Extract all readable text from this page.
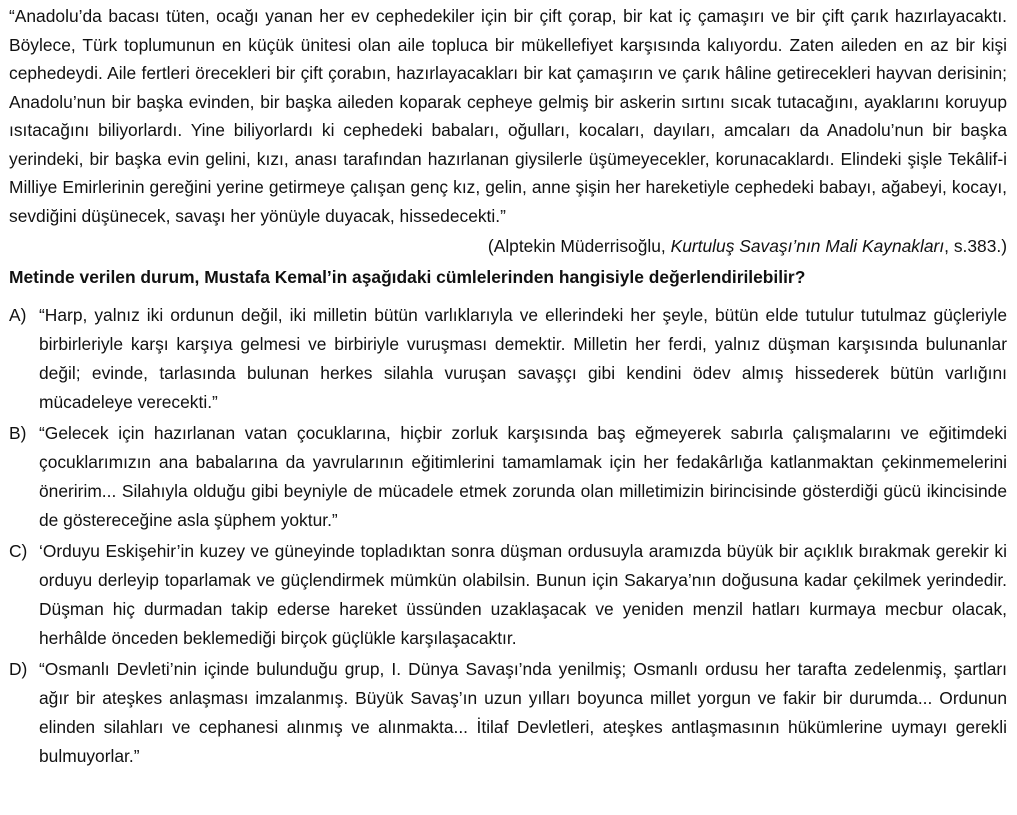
“Anadolu’da bacası tüten, ocağı yanan her ev cephedekiler için bir çift çorap, bir kat iç çamaşırı ve bir çift çarık hazırlayacaktı. Böylece, Türk toplumunun en küçük ünitesi olan aile topluca bir mükellefiyet karşısında kalıyordu. Zaten aileden en az bir kişi cephedeydi. Aile fertleri örecekleri bir çift çorabın, hazırlayacakları bir kat çamaşırın ve çarık hâline getirecekleri hayvan derisinin; Anadolu’nun bir başka evinden, bir başka aileden koparak cepheye gelmiş bir askerin sırtını sıcak tutacağını, ayaklarını koruyup ısıtacağını biliyorlardı. Yine biliyorlardı ki cephedeki babaları, oğulları, kocaları, dayıları, amcaları da Anadolu’nun bir başka yerindeki, bir başka evin gelini, kızı, anası tarafından hazırlanan giysilerle üşümeyecekler, korunacaklardı. Elindeki şişle Tekâlif-i Milliye Emirlerinin gereğini yerine getirmeye çalışan genç kız, gelin, anne şişin her hareketiyle cephedeki babayı, ağabeyi, kocayı, sevdiğini düşünecek, savaşı her yönüyle duyacak, hissedecekti.”

(Alptekin Müderrisoğlu, Kurtuluş Savaşı’nın Mali Kaynakları, s.383.)

Metinde verilen durum, Mustafa Kemal’in aşağıdaki cümlelerinden hangisiyle değerlendirilebilir?

A) “Harp, yalnız iki ordunun değil, iki milletin bütün varlıklarıyla ve ellerindeki her şeyle, bütün elde tutulur tutulmaz güçleriyle birbirleriyle karşı karşıya gelmesi ve birbiriyle vuruşması demektir. Milletin her ferdi, yalnız düşman karşısında bulunanlar değil; evinde, tarlasında bulunan herkes silahla vuruşan savaşçı gibi kendini ödev almış hissederek bütün varlığını mücadeleye verecekti.”
B) “Gelecek için hazırlanan vatan çocuklarına, hiçbir zorluk karşısında baş eğmeyerek sabırla çalışmalarını ve eğitimdeki çocuklarımızın ana babalarına da yavrularının eğitimlerini tamamlamak için her fedakârlığa katlanmaktan çekinmemelerini öneririm... Silahıyla olduğu gibi beyniyle de mücadele etmek zorunda olan milletimizin birincisinde gösterdiği gücü ikincisinde de göstereceğine asla şüphem yoktur.”
C) ‘Orduyu Eskişehir’in kuzey ve güneyinde topladıktan sonra düşman ordusuyla aramızda büyük bir açıklık bırakmak gerekir ki orduyu derleyip toparlamak ve güçlendirmek mümkün olabilsin. Bunun için Sakarya’nın doğusuna kadar çekilmek yerindedir. Düşman hiç durmadan takip ederse hareket üssünden uzaklaşacak ve yeniden menzil hatları kurmaya mecbur olacak, herhâlde önceden beklemediği birçok güçlükle karşılaşacaktır.
D) “Osmanlı Devleti’nin içinde bulunduğu grup, I. Dünya Savaşı’nda yenilmiş; Osmanlı ordusu her tarafta zedelenmiş, şartları ağır bir ateşkes anlaşması imzalanmış. Büyük Savaş’ın uzun yılları boyunca millet yorgun ve fakir bir durumda... Ordunun elinden silahları ve cephanesi alınmış ve alınmakta... İtilaf Devletleri, ateşkes antlaşmasının hükümlerine uymayı gerekli bulmuyorlar.”
